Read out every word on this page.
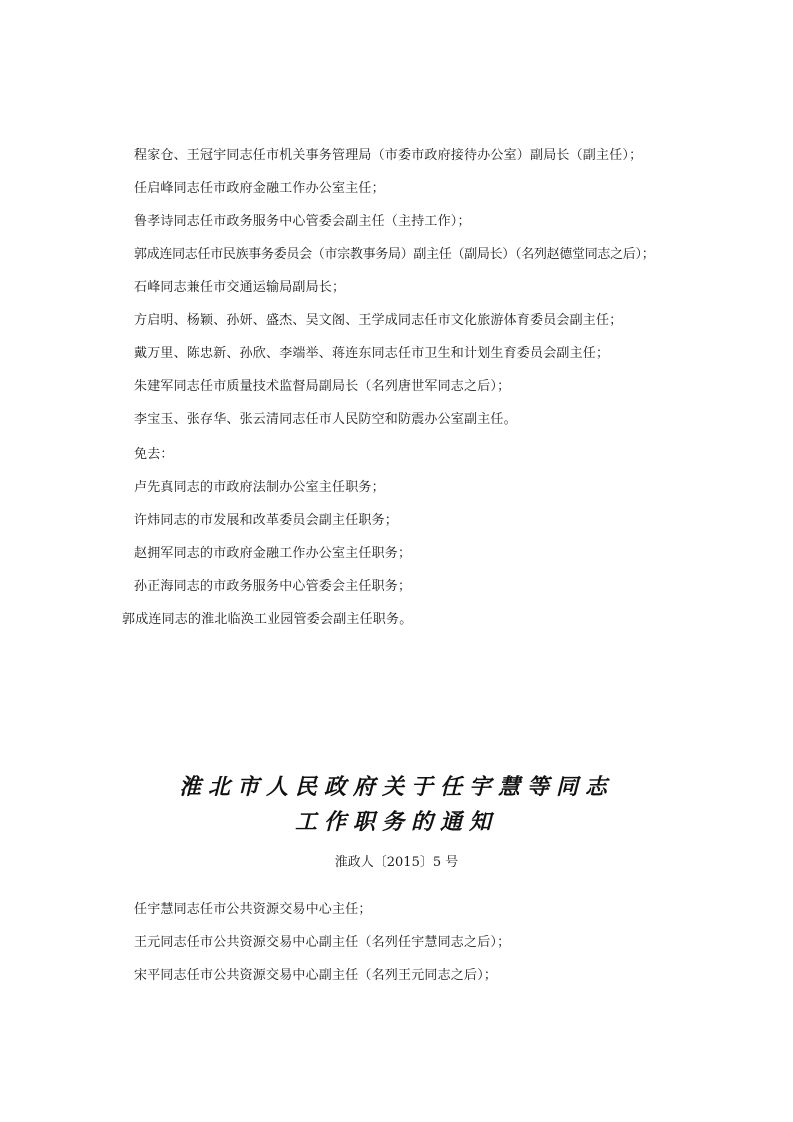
程家仓、王冠宇同志任市机关事务管理局（市委市政府接待办公室）副局长（副主任）；
任启峰同志任市政府金融工作办公室主任；
鲁孝诗同志任市政务服务中心管委会副主任（主持工作）；
郭成连同志任市民族事务委员会（市宗教事务局）副主任（副局长）（名列赵德堂同志之后）；
石峰同志兼任市交通运输局副局长；
方启明、杨颖、孙妍、盛杰、吴文阁、王学成同志任市文化旅游体育委员会副主任；
戴万里、陈忠新、孙欣、李端举、蒋连东同志任市卫生和计划生育委员会副主任；
朱建军同志任市质量技术监督局副局长（名列唐世军同志之后）；
李宝玉、张存华、张云清同志任市人民防空和防震办公室副主任。
免去：
卢先真同志的市政府法制办公室主任职务；
许炜同志的市发展和改革委员会副主任职务；
赵拥军同志的市政府金融工作办公室主任职务；
孙正海同志的市政务服务中心管委会主任职务；
郭成连同志的淮北临涣工业园管委会副主任职务。
淮北市人民政府关于任宇慧等同志
工作职务的通知
淮政人〔2015〕5 号
任宇慧同志任市公共资源交易中心主任；
王元同志任市公共资源交易中心副主任（名列任宇慧同志之后）；
宋平同志任市公共资源交易中心副主任（名列王元同志之后）；
